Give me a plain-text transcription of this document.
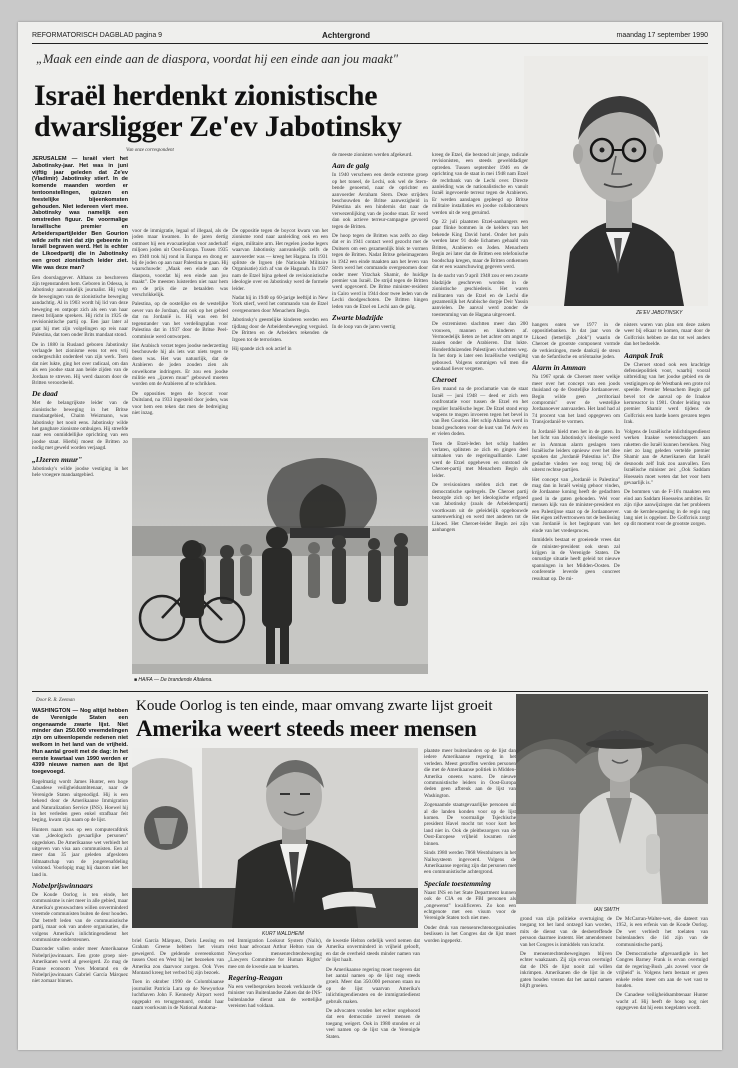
REFORMATORISCH DAGBLAD pagina 9	Achtergrond	maandag 17 september 1990
„Maak een einde aan de diaspora, voordat hij een einde aan jou maakt"
Israël herdenkt zionistische dwarsligger Ze'ev Jabotinsky
ZE'EV JABOTINSKY
Van onze correspondent

JERUSALEM — Israël viert het Jabotinsky-jaar. Het was in juni vijftig jaar geleden dat Ze'ev (Vladimir) Jabotinsky stierf. In de komende maanden worden er tentoonstellingen, quizzen en feestelijke bijeenkomsten gehouden. Niet iedereen viert mee. Jabotinsky was namelijk een omstreden figuur. De voormalige Israëlische premier en Arbeiderspartijleider Ben Gourion wilde zelfs niet dat zijn gebeente in Israël begraven werd. Het is echter de Likoedpartij die in Jabotinsky een groot zionistisch leider ziet. Wie was deze man?

Een doorslaggever. Althans zo beschreven zijn tegenstanders hem. Geboren in Odessa, is Jabotinsky aanvankelijk journalist. Hij volgt de bewegingen van de zionistische beweging aandachtig. Al in 1903 wordt hij lid van deze beweging en ontpopt zich als een van haar meest briljante sprekers. Hij richt in 1925 de revisionistische partij op. Een jaar later al gaat hij met zijn volgelingen op reis naar Palestina, dat toen onder Brits mandaat stond.

De in 1880 in Rusland geboren Jabotinsky verlaagde het zionisme eens tot een vrij ondergeschikt onderdeel van zijn werk. Toen dat niet lukte, ging het over radicaal, om dan als een joodse staat aan beide zijden van de Jordaan te streven. Hij werd daarom door de Britten veroordeeld.

De daad

Met de belangrijkste leider van de zionistische beweging in het Britse mandaatgebied, Chaim Weizmann, was Jabotinsky het nooit eens. Jabotinsky wilde het gangbare zionisme ombuigen. Hij streefde naar een onmiddellijke oprichting van een joodse staat. Hierbij moest de Britten zo nodig met geweld worden verjaagd.

„IJzeren muur"

Jabotinsky's wilde joodse vestiging in het hele vroegere mandaatgebied.

voor de immigratie, legaal of illegaal, als de joden maar kwamen. In de jaren dertig ontmoet hij een evacuatieplan voor anderhalf miljoen joden uit Oost-Europa. Tussen 1935 en 1940 trok hij rond in Europa en drong er bij de joden op aan naar Palestina te gaan. Hij waarschuwde: „Maak een einde aan de diaspora, voordat hij een einde aan jou maakt". De meesten luisterden niet naar hem en de prijs die ze betaalden was verschrikkelijk.

Palestina, op de oostelijke en de westelijke oever van de Jordaan, dat ook op het gebied dat nu Jordanië is. Hij was een fel tegenstander van het verdelingsplan voor Palestina dat in 1937 door de Britse Peel-commissie werd ontworpen.

Het Arabisch verzet tegen joodse nederzetting beschouwde hij als iets wat niets tegen te doen was. Het was natuurlijk, dat de Arabieren de joden zouden zien als onwelkome indringers. Er zou een joodse militie een „ijzeren muur" gebouwd moeten worden om de Arabieren af te schrikken.

De opposities tegen de boycot voor Duitsland, na 1933 ingesteld door joden, was voor hem een teken dat men de bedreiging niet inzag.

De oppositie tegen de boycot kwam van het zionisme rond naar aanleiding ook en een eigen, militaire arm. Het regelen joodse legers waarvan Jabotinsky aanvankelijk zelfs de aanvoerder was — kreeg het Hagana. In 1931 splitste de Irgoen (de Nationale Militaire Organisatie) zich af van de Haganah. In 1937 nam de Etzel bijna geheel de revisionistische ideologie over en Jabotinsky werd de formele leider.

Nadat hij in 1940 op 60-jarige leeftijd in New York stierf, werd het commando van de Etzel overgenomen door Menachem Begin.

Jabotinsky's geestelijke kinderen werden een tijdlang door de Arbeidersbeweging verguisd. De Britten en de Arbeiders rekenden de Irgoen tot de terroristen.

Hij spande zich ook actief in

de meeste zionisten werden afgekeurd.

Aan de galg

In 1940 verscheen een derde extreme groep op het toneel, de Lechi, ook wel de Stern-bende genoemd, naar de oprichter en aanvoerder Avraham Stern. Deze strijders beschouwden de Britse aanwezigheid in Palestina als een hindernis dat naar de verwezenlijking van de joodse staat. Er werd dan ook actieve terreur-campagne gevoerd tegen de Britten.

De hoop tegen de Britten was zelfs zo diep dat er in 1941 contact werd gezocht met de Duitsers om een gezamenlijk blok te vormen tegen de Britten. Nadat Britse geheimagenten in 1942 een einde maakten aan het leven van Stern werd het commando overgenomen door onder meer Yitzchak Shamir, de huidige premier van Israël. De strijd tegen de Britten werd opgevoerd. De Britse minister-resident in Cairo werd in 1944 door twee leden van de Lechi doodgeschoten. De Britten hingen leden van de Etzel en Lechi aan de galg.

Zwarte bladzijde

In de loop van de jaren veertig

kreeg de Etzel, die bestond uit jonge, radicale revisionisten, een steeds gewelddadiger optreden. Tussen september 1946 en de oprichting van de staat in mei 1948 nam Etzel de rechtbank van de Lechi over. Directe aanleiding was de nationalistische en vanuit Israël ingevoerde terreur tegen de Arabieren. Er werden aanslagen gepleegd op Britse militaire installaties en joodse collaborateurs werden uit de weg geruimd.

Op 22 juli plaatsten Etzel-aanhangers een paar flinke bommen in de kelders van het bekende King David hotel. Onder het puin werden later 91 dode lichamen gehaald van Britten, Arabieren en Joden. Menachem Begin zei later dat de Britten een telefonische boodschap kregen, maar de Britten ontkennen dat er een waarschuwing gegeven werd.

In de nacht van 9 april 1948 zou er een zwarte bladzijde geschreven worden in de zionistische geschiedenis. Het waren militanten van de Etzel en de Lechi die gezamenlijk het Arabische dorpje Deir Yassin aanvielen. De aanval werd zonder de toestemming van de Hagana uitgevoerd.

De extremisten slachtten meer dan 200 vrouwen, mannen en kinderen af. Vermoedelijk lieten ze het achter om angst te zaaien onder de Arabieren. Dat lukte. Honderdduizenden Palestijnen vluchtten weg. In het dorp is later een Israëlische vestiging gebouwd. Volgens sommigen wil men die wandaad liever vergeten.

Cheroet

Een maand na de proclamatie van de staat Israël — juni 1948 — deed er zich een confrontatie voor tussen de Etzel en het regulier Israëlische leger. De Etzel stond erop wapens te mogen invoeren tegen het bevel in van Ben Gourion. Het schip Altalena werd in brand geschoten voor de kust van Tel Aviv en er vielen doden.

Toen de Etzel-leden het schip hadden verlaten, splitsten ze zich en gingen deel uitmaken van de regeringsalliantie. Later werd de Etzel opgeheven en ontstond de Cheroet-partij met Menachem Begin als leider.

De revisionisten stelden zich met de democratische spelregels. De Cheroet partij bezorgde zich op het ideologische erfgoed van Jabotinsky (zoals de Arbeiderspartij voortkwam uit de geleidelijk opgebouwde samenwerking) en werd met anderen tot de Likoed. Het Cheroet-leider Begin zei zijn aanhangers

hangers eaten we 1977 in de oppositiebanken. In dat jaar won de Likoed (letterlijk „blok") waarin de Cheroet de grootste component vormde de verkiezingen, mede dankzij de steun van de Sefardische en oriëntaalse joden.

Alarm in Amman

Na 1967 sprak de Cheroet meer welkje meer over het concept van een joods thuisland op de Oostelijke Jordaanoever. Begin wilde geen „territoriaal compromis" over de westelijke Jordaanoever aanvaarden. Het land had al 74 procent van het land opgegeven om Transjordanië te vormen.

In Jordanië hield men het in de gaten. In het licht van Jabotinsky's ideologie werd er in Amman alarm geslagen toen Israëlische leiders opnieuw over het idee spraken dat „Jordanië Palestina is". Die gedachte vinden we nog terug bij de uiterst rechtse partijen.

Het concept van „Jordanië is Palestina" mag dan in Israël weinig gehoor vinden, de Jordaanse koning heeft de gedachten goed in de gaten gehouden. Wel voor mensen kijk van de minister-president en een Palestijnse staat op de Jordaanoever. Het eigen zelfvertrouwen tot de beslissing van Jordanië is het beginpunt van het einde van het vredesproces.

Inmiddels bestaat er groeiende vrees dat de minister-president ook steun zal krijgen in de Verenigde Staten. De onrustige situatie heeft geleid tot nieuwe spanningen in het Midden-Oosten. De conferentie leverde geen concreet resultaat op. De mi-

nisters waren van plan om deze zaken weer bij elkaar te komen, maar door de Golfcrisis hebben ze dat tot wel anders dan het bedoelde.

Aanpak Irak

De Cheroet stond ook een krachtige defensiepolitiek voor, waarbij vooral uitbreiding van het joodse gebied en de vestigingen op de Westbank een grote rol speelde. Premier Menachem Begin gaf bevel tot de aanval op de Iraakse kernreactor in 1981. Onder leiding van premier Shamir werd tijdens de Golfcrisis een harde koers gevaren tegen Irak.

Volgens de Israëlische inlichtingendienst werken Iraakse wetenschappers aan raketten die Israël kunnen bereiken. Nog niet zo lang geleden vertelde premier Shamir aan de Amerikanen dat Israël desnoods zelf Irak zou aanvallen. Een Israëlische minister zei: „Ook Saddam Hoessein moet weten dat het voor hem gevaarlijk is."

De bommen van de F-16's maakten een eind aan Saddam Hoesseins ambities. Er zijn rijke aanwijzingen dat het probleem van de kernbewapening in de regio nog lang niet is opgelost. De Golfcrisis zorgt op dit moment voor de grootste zorgen.

■ HAIFA — De brandende Altalena.
Door R. R. Zeeman	Koude Oorlog is ten einde, maar omvang zwarte lijst groeit
Amerika weert steeds meer mensen
IAN SMITH
KURT WALDHEIM

WASHINGTON — Nog altijd hebben de Verenigde Staten een ongenaamde zwarte lijst. Niet minder dan 250.000 vreemdelingen zijn om uiteenlopende redenen niet welkom in het land van de vrijheid. Hun aantal groeit met de dag: in het eerste kwartaal van 1990 werden er 4399 nieuwe namen aan de lijst toegevoegd.

Regelmatig wordt James Hunter, een hoge Canadese veiligheidsambtenaar, naar de Verenigde Staten uitgenodigd. Hij is een bekend door de Amerikaanse Immigration and Naturalization Service (INS). Hoewel hij in het verleden geen enkel strafbaar feit beging, kwam zijn naam op de lijst.

Hunters naam was op een computerafdruk van „ideologisch gevaarlijke personen" opgedoken. De Amerikaanse wet verbiedt het uitgeven van visa aan communisten. Een al meer dan 35 jaar geleden afgesloten lidmaatschap van de jongerenafdeling volstond. Voorlopig mag hij daarom niet het land in.

Nobelprijswinnaars

De Koude Oorlog is ten einde, het communisme is niet meer in alle gebied, maar Amerika's grenswachten willen onverminderd vreemde communisten buiten de deur houden. Dat betreft leden van de communistische partij, maar ook van andere organisaties, die volgens Amerika's inlichtingendienst het communisme ondersteunen.

Daaronder vallen onder meer Amerikaanse Nobelprijswinnaars. Een grote groep niet-Amerikanen werd al geweigerd. Zo mag de Franse econoom Yves Montand en de Nobelprijswinnaars Gabriel García Márquez niet zomaar binnen.

briel García Márquez, Doris Lessing en Graham Greene hebben het visum geweigerd. De geldende overeenkomst tussen Oost en West bij het bezoeken van Amerika zou daarvoor zorgen. Ook Yves Montand kreeg het verbod bij zijn bezoek.

Toen in oktober 1990 de Colombiaanse journalist Patricia Lara op de Newyorkse luchthaven John F. Kennedy Airport werd opgepakt en teruggestuurd, omdat haar naam voorkwam in de National Automa-

ted Immigration Lookout System (Nails), reist haar advocaat Arthur Helton van de Newyorkse mensenrechtenbeweging „Lawyers Committee for Human Rights" mee om de kwestie aan te kaarten.

Regering-Reagan

Na een veelbesproken bezoek verklaarde de minister van Buitenlandse Zaken dat de INS-buitenlandse dienst aan de wettelijke vereisten had voldaan.

de kwestie Helton ordelijk werd nemen dat Amerika onverminderd in vrijheid gelooft, en dat de overheid steeds minder namen van de lijst haalt.

De Amerikaanse regering moet toegeven dat het aantal namen op de lijst nog steeds groeit. Meer dan 350.000 personen staan nu op de lijst waarvan Amerika's inlichtingendiensten en de immigratiedienst gebruik maken.

De advocaten vonden het echter ongehoord dat een democratie zoveel mensen de toegang weigert. Ook in 1980 stonden er al veel namen op de lijst van de Verenigde Staten.

plaatste meer buitenlanders op de lijst dan iedere Amerikaanse regering in het verleden. Meest getroffen werden personen die met de Amerikaanse politiek in Midden-Amerika oneens waren. De nieuwe communistische leiders in Oost-Europa deden geen afbreuk aan de lijst van Washington.

Zogenaamde staatsgevaarlijke personen uit al die landen konden voor op de lijst komen. De voormalige Tsjechische president Havel mocht tot voor kort het land niet in. Ook de pleitbezorgers van de Oost-Europese vrijheid kwamen niet binnen.

Sinds 1980 werden 7868 Westduitsers in het Nailssysteem ingevoerd. Volgens de Amerikaanse regering zijn dat personen met een communistische achtergrond.

Speciale toestemming

Naast INS en het State Department kunnen ook de CIA en de FBI personen als „ongewenst" kwalificeren. Zo kon een echtgenote met een visum voor de Verenigde Staten toch niet mee.

Onder druk van mensenrechtenorganisaties beslissen in het Congres dat de lijst moet worden ingeperkt.

grond van zijn politieke overtuiging de toegang tot het land ontzegd kan worden, mits de dienst van de desbetreffende persoon daarmee instemt. Het amendement van het Congres is inmiddels van kracht.

De mensenrechtenbewegingen blijven echter waakzaam. Zij zijn ervan overtuigd dat de INS de lijst nooit zal willen inkrimpen. Amerikanen die de lijst in de gaten houden vrezen dat het aantal namen blijft groeien.

De McCarran-Walter-wet, die dateert van 1952, is een erfenis van de Koude Oorlog. De wet verbiedt het toelaten van buitenlanders die lid zijn van de communistische partij.

De Democratische afgevaardigde in het Congres Barney Frank is ervan overtuigd dat de regering-Bush „als zoveel voor de vrijheid" is. Volgens hem bestaat er geen enkele reden meer om aan de wet vast te houden.

De Canadese veiligheidsambtenaar Hunter wacht af. Hij heeft de hoop nog niet opgegeven dat hij eens toegelaten wordt.
